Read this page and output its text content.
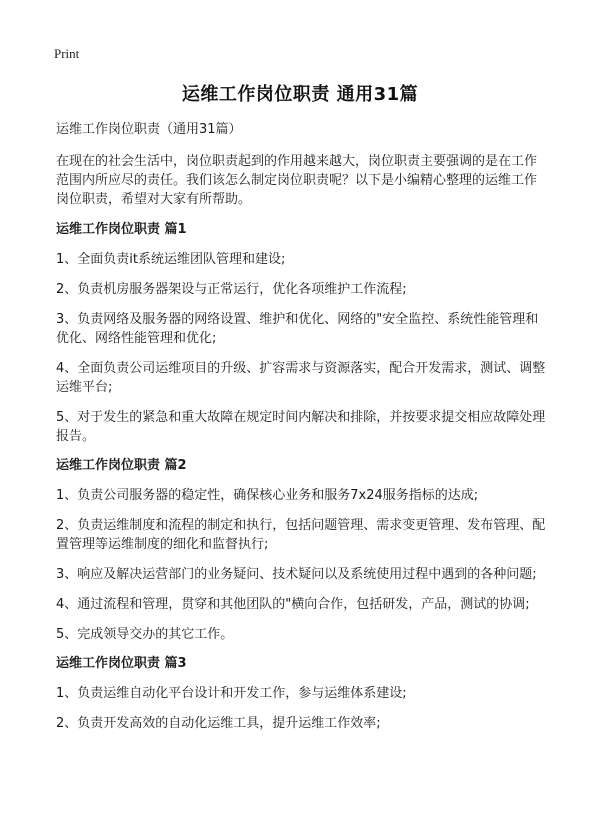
Print
运维工作岗位职责 通用31篇

运维工作岗位职责（通用31篇）

在现在的社会生活中，岗位职责起到的作用越来越大，岗位职责主要强调的是在工作范围内所应尽的责任。我们该怎么制定岗位职责呢？以下是小编精心整理的运维工作岗位职责，希望对大家有所帮助。

运维工作岗位职责 篇1

1、全面负责it系统运维团队管理和建设;

2、负责机房服务器架设与正常运行，优化各项维护工作流程;

3、负责网络及服务器的网络设置、维护和优化、网络的"安全监控、系统性能管理和优化、网络性能管理和优化;

4、全面负责公司运维项目的升级、扩容需求与资源落实，配合开发需求，测试、调整运维平台;

5、对于发生的紧急和重大故障在规定时间内解决和排除，并按要求提交相应故障处理报告。

运维工作岗位职责 篇2

1、负责公司服务器的稳定性，确保核心业务和服务7x24服务指标的达成;

2、负责运维制度和流程的制定和执行，包括问题管理、需求变更管理、发布管理、配置管理等运维制度的细化和监督执行;

3、响应及解决运营部门的业务疑问、技术疑问以及系统使用过程中遇到的各种问题;

4、通过流程和管理，贯穿和其他团队的"横向合作，包括研发，产品，测试的协调;

5、完成领导交办的其它工作。

运维工作岗位职责 篇3

1、负责运维自动化平台设计和开发工作，参与运维体系建设;

2、负责开发高效的自动化运维工具，提升运维工作效率;
